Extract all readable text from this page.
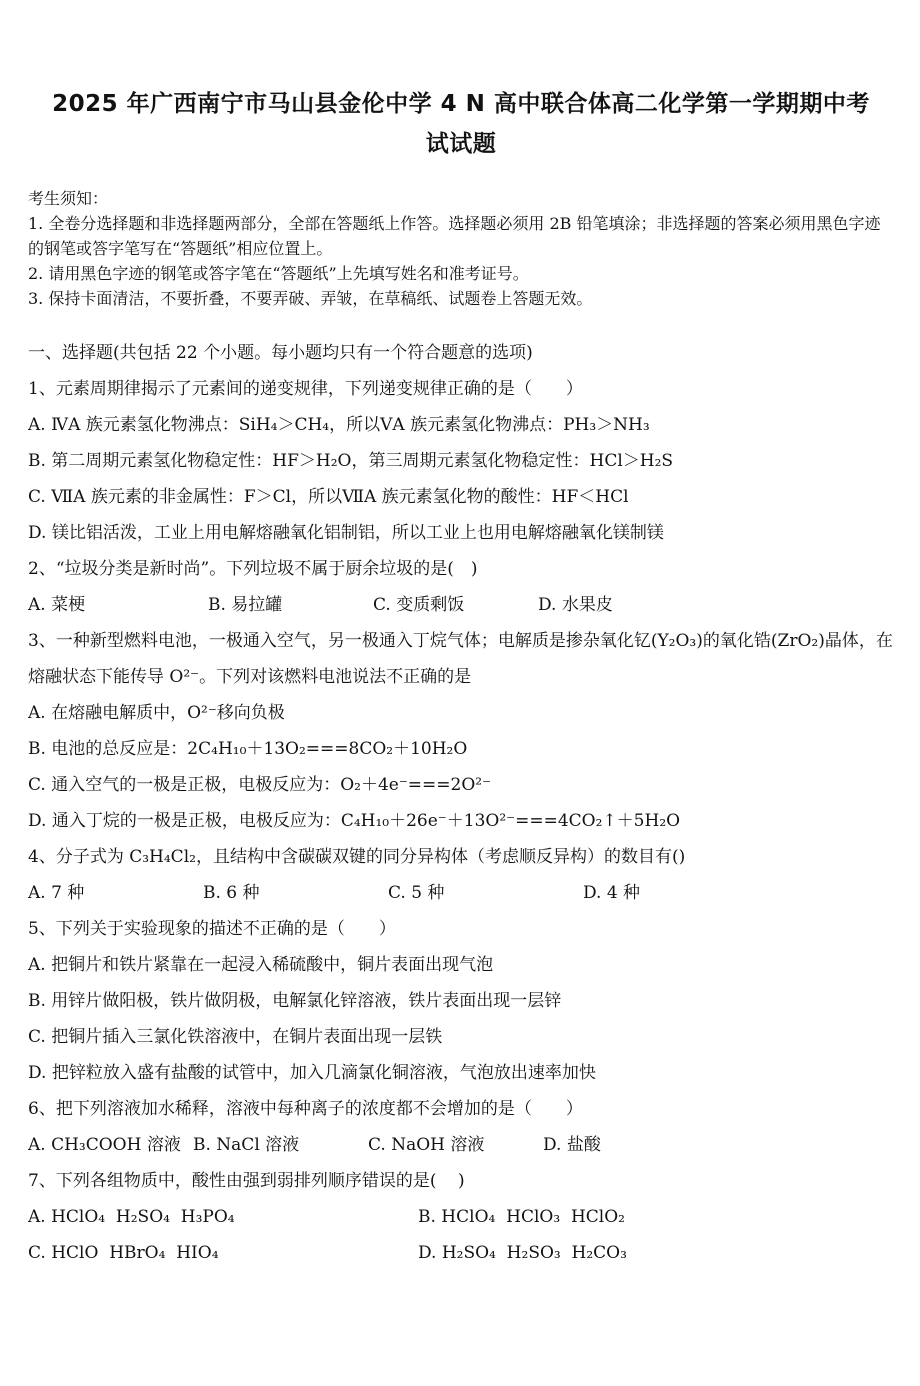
2025 年广西南宁市马山县金伦中学 4 N 高中联合体高二化学第一学期期中考试试题

考生须知：

1. 全卷分选择题和非选择题两部分，全部在答题纸上作答。选择题必须用 2B 铅笔填涂；非选择题的答案必须用黑色字迹的钢笔或答字笔写在“答题纸”相应位置上。

2. 请用黑色字迹的钢笔或答字笔在“答题纸”上先填写姓名和准考证号。

3. 保持卡面清洁，不要折叠，不要弄破、弄皱，在草稿纸、试题卷上答题无效。

一、选择题(共包括 22 个小题。每小题均只有一个符合题意的选项)

1、元素周期律揭示了元素间的递变规律，下列递变规律正确的是（　　）

A. ⅣA 族元素氢化物沸点：SiH₄＞CH₄，所以ⅤA 族元素氢化物沸点：PH₃＞NH₃

B. 第二周期元素氢化物稳定性：HF＞H₂O，第三周期元素氢化物稳定性：HCl＞H₂S

C. ⅦA 族元素的非金属性：F＞Cl，所以ⅦA 族元素氢化物的酸性：HF＜HCl

D. 镁比铝活泼，工业上用电解熔融氧化铝制铝，所以工业上也用电解熔融氧化镁制镁

2、“垃圾分类是新时尚”。下列垃圾不属于厨余垃圾的是(　)

A. 菜梗	B. 易拉罐	C. 变质剩饭	D. 水果皮

3、一种新型燃料电池，一极通入空气，另一极通入丁烷气体；电解质是掺杂氧化钇(Y₂O₃)的氧化锆(ZrO₂)晶体，在熔融状态下能传导 O²⁻。下列对该燃料电池说法不正确的是

A. 在熔融电解质中，O²⁻移向负极

B. 电池的总反应是：2C₄H₁₀＋13O₂===8CO₂＋10H₂O

C. 通入空气的一极是正极，电极反应为：O₂＋4e⁻===2O²⁻

D. 通入丁烷的一极是正极，电极反应为：C₄H₁₀＋26e⁻＋13O²⁻===4CO₂↑＋5H₂O

4、分子式为 C₃H₄Cl₂，且结构中含碳碳双键的同分异构体（考虑顺反异构）的数目有()

A. 7 种	B. 6 种	C. 5 种	D. 4 种

5、下列关于实验现象的描述不正确的是（　　）

A. 把铜片和铁片紧靠在一起浸入稀硫酸中，铜片表面出现气泡

B. 用锌片做阳极，铁片做阴极，电解氯化锌溶液，铁片表面出现一层锌

C. 把铜片插入三氯化铁溶液中，在铜片表面出现一层铁

D. 把锌粒放入盛有盐酸的试管中，加入几滴氯化铜溶液，气泡放出速率加快

6、把下列溶液加水稀释，溶液中每种离子的浓度都不会增加的是（　　）

A. CH₃COOH 溶液 B. NaCl 溶液	C. NaOH 溶液	D. 盐酸

7、下列各组物质中，酸性由强到弱排列顺序错误的是(    )

A. HClO₄  H₂SO₄  H₃PO₄	B. HClO₄  HClO₃  HClO₂
C. HClO  HBrO₄  HIO₄	D. H₂SO₄  H₂SO₃  H₂CO₃
